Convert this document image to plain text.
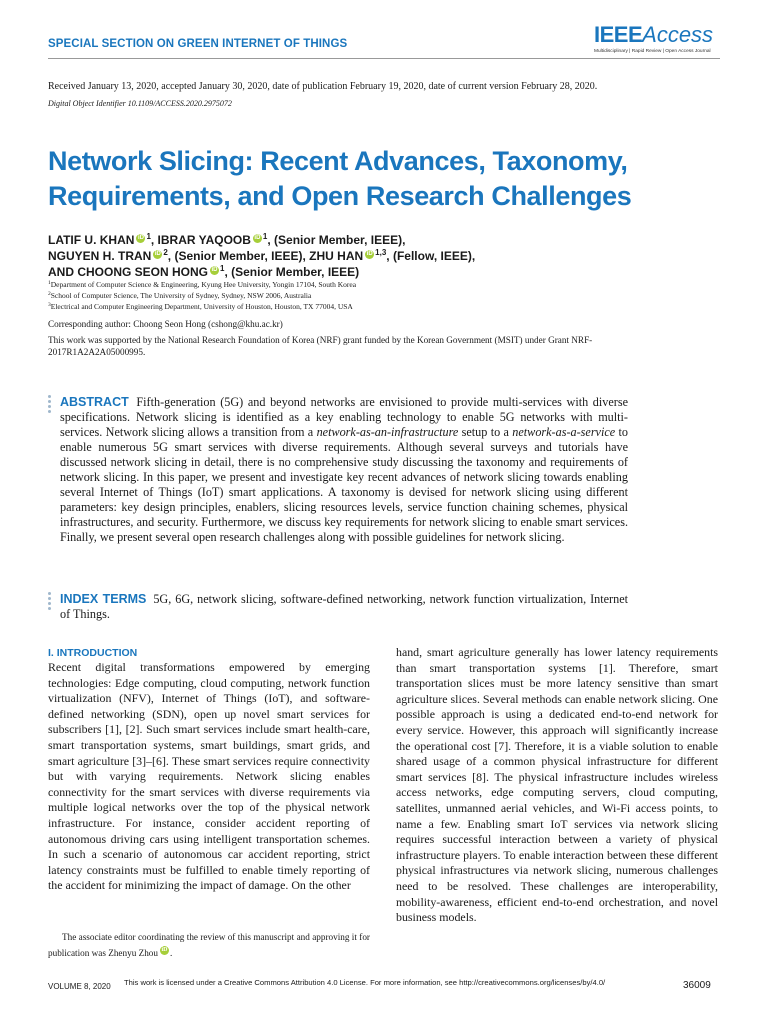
SPECIAL SECTION ON GREEN INTERNET OF THINGS	IEEEAccess
Multidisciplinary | Rapid Review | Open Access Journal
Received January 13, 2020, accepted January 30, 2020, date of publication February 19, 2020, date of current version February 28, 2020.
Digital Object Identifier 10.1109/ACCESS.2020.2975072
Network Slicing: Recent Advances, Taxonomy, Requirements, and Open Research Challenges
LATIF U. KHAN iD $^1$, IBRAR YAQOOB iD $^1$, (Senior Member, IEEE),
NGUYEN H. TRAN iD $^2$, (Senior Member, IEEE), ZHU HAN iD $^{1,3}$, (Fellow, IEEE),
AND CHOONG SEON HONG iD $^1$, (Senior Member, IEEE)
$^1$Department of Computer Science & Engineering, Kyung Hee University, Yongin 17104, South Korea
$^2$School of Computer Science, The University of Sydney, Sydney, NSW 2006, Australia
$^3$Electrical and Computer Engineering Department, University of Houston, Houston, TX 77004, USA
Corresponding author: Choong Seon Hong (cshong@khu.ac.kr)
This work was supported by the National Research Foundation of Korea (NRF) grant funded by the Korean Government (MSIT) under Grant NRF-2017R1A2A2A05000995.
ABSTRACT Fifth-generation (5G) and beyond networks are envisioned to provide multi-services with diverse specifications. Network slicing is identified as a key enabling technology to enable 5G networks with multi-services. Network slicing allows a transition from a network-as-an-infrastructure setup to a network-as-a-service to enable numerous 5G smart services with diverse requirements. Although several surveys and tutorials have discussed network slicing in detail, there is no comprehensive study discussing the taxonomy and requirements of network slicing. In this paper, we present and investigate key recent advances of network slicing towards enabling several Internet of Things (IoT) smart applications. A taxonomy is devised for network slicing using different parameters: key design principles, enablers, slicing resources levels, service function chaining schemes, physical infrastructures, and security. Furthermore, we discuss key requirements for network slicing to enable smart services. Finally, we present several open research challenges along with possible guidelines for network slicing.
INDEX TERMS 5G, 6G, network slicing, software-defined networking, network function virtualization, Internet of Things.
I. INTRODUCTION

Recent digital transformations empowered by emerging technologies: Edge computing, cloud computing, network function virtualization (NFV), Internet of Things (IoT), and software-defined networking (SDN), open up novel smart services for subscribers [1], [2]. Such smart services include smart health-care, smart transportation systems, smart buildings, smart grids, and smart agriculture [3]–[6]. These smart services require connectivity but with varying requirements. Network slicing enables connectivity for the smart services with diverse requirements via multiple logical networks over the top of the physical network infrastructure. For instance, consider accident reporting of autonomous driving cars using intelligent transportation schemes. In such a scenario of autonomous car accident reporting, strict latency constraints must be fulfilled to enable timely reporting of the accident for minimizing the impact of damage. On the other

hand, smart agriculture generally has lower latency requirements than smart transportation systems [1]. Therefore, smart transportation slices must be more latency sensitive than smart agriculture slices. Several methods can enable network slicing. One possible approach is using a dedicated end-to-end network for every service. However, this approach will significantly increase the operational cost [7]. Therefore, it is a viable solution to enable shared usage of a common physical infrastructure for different smart services [8]. The physical infrastructure includes wireless access networks, edge computing servers, cloud computing, satellites, unmanned aerial vehicles, and Wi-Fi access points, to name a few. Enabling smart IoT services via network slicing requires successful interaction between a variety of physical infrastructure players. To enable interaction between these different physical infrastructures via network slicing, numerous challenges need to be resolved. These challenges are interoperability, mobility-awareness, efficient end-to-end orchestration, and novel business models.

The associate editor coordinating the review of this manuscript and approving it for publication was Zhenyu Zhou iD .
VOLUME 8, 2020 This work is licensed under a Creative Commons Attribution 4.0 License. For more information, see http://creativecommons.org/licenses/by/4.0/	36009
